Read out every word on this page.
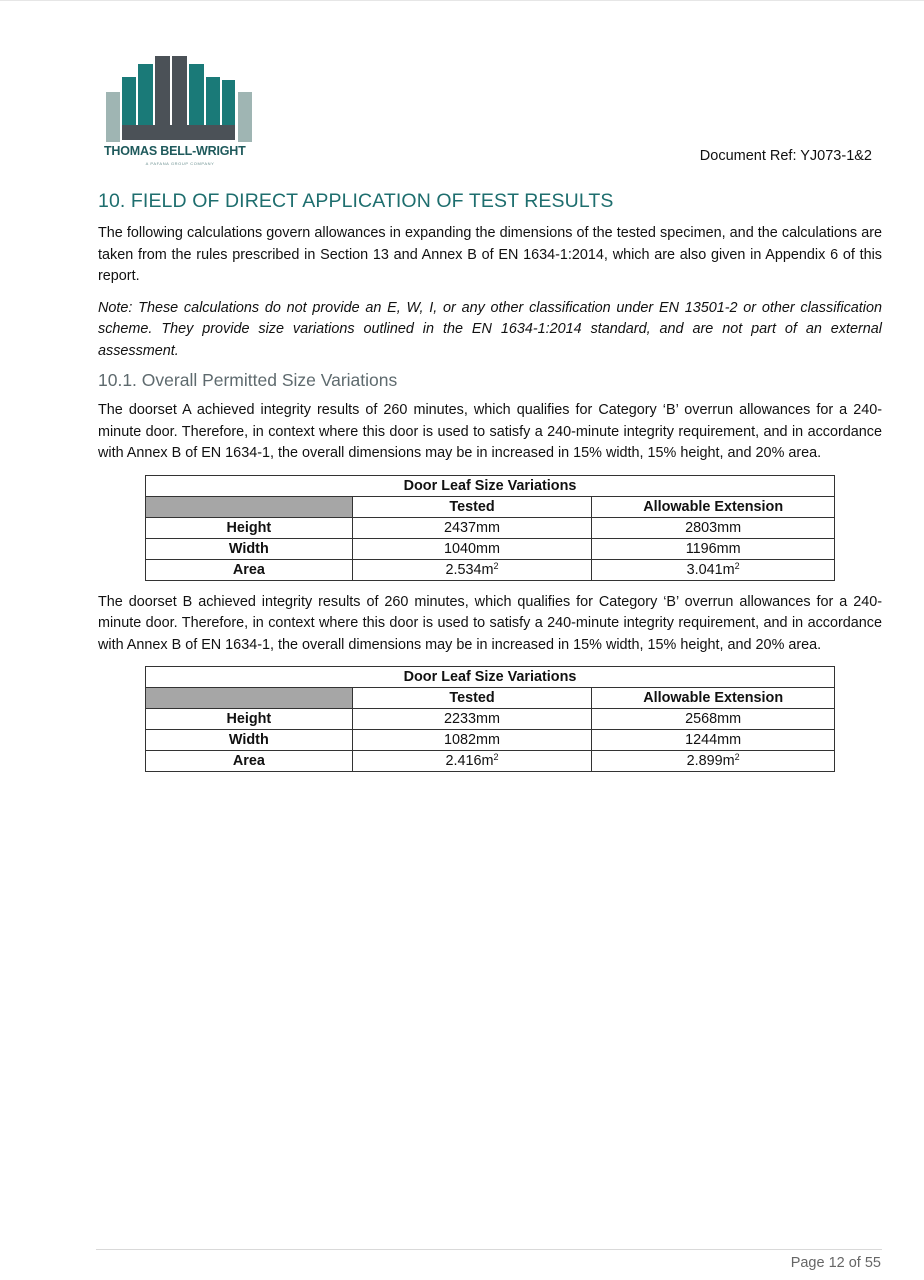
THOMAS BELL-WRIGHT
A PAFANA GROUP COMPANY	Document Ref: YJ073-1&2
10. FIELD OF DIRECT APPLICATION OF TEST RESULTS

The following calculations govern allowances in expanding the dimensions of the tested specimen, and the calculations are taken from the rules prescribed in Section 13 and Annex B of EN 1634-1:2014, which are also given in Appendix 6 of this report.

Note: These calculations do not provide an E, W, I, or any other classification under EN 13501-2 or other classification scheme. They provide size variations outlined in the EN 1634-1:2014 standard, and are not part of an external assessment.

10.1. Overall Permitted Size Variations

The doorset A achieved integrity results of 260 minutes, which qualifies for Category ‘B’ overrun allowances for a 240-minute door. Therefore, in context where this door is used to satisfy a 240-minute integrity requirement, and in accordance with Annex B of EN 1634-1, the overall dimensions may be in increased in 15% width, 15% height, and 20% area.

Door Leaf Size Variations		
	Tested	Allowable Extension
Height	2437mm	2803mm
Width	1040mm	1196mm
Area	$2.534m^2$	$3.041m^2$

The doorset B achieved integrity results of 260 minutes, which qualifies for Category ‘B’ overrun allowances for a 240-minute door. Therefore, in context where this door is used to satisfy a 240-minute integrity requirement, and in accordance with Annex B of EN 1634-1, the overall dimensions may be in increased in 15% width, 15% height, and 20% area.

Door Leaf Size Variations		
	Tested	Allowable Extension
Height	2233mm	2568mm
Width	1082mm	1244mm
Area	$2.416m^2$	$2.899m^2$
Page 12 of 55
